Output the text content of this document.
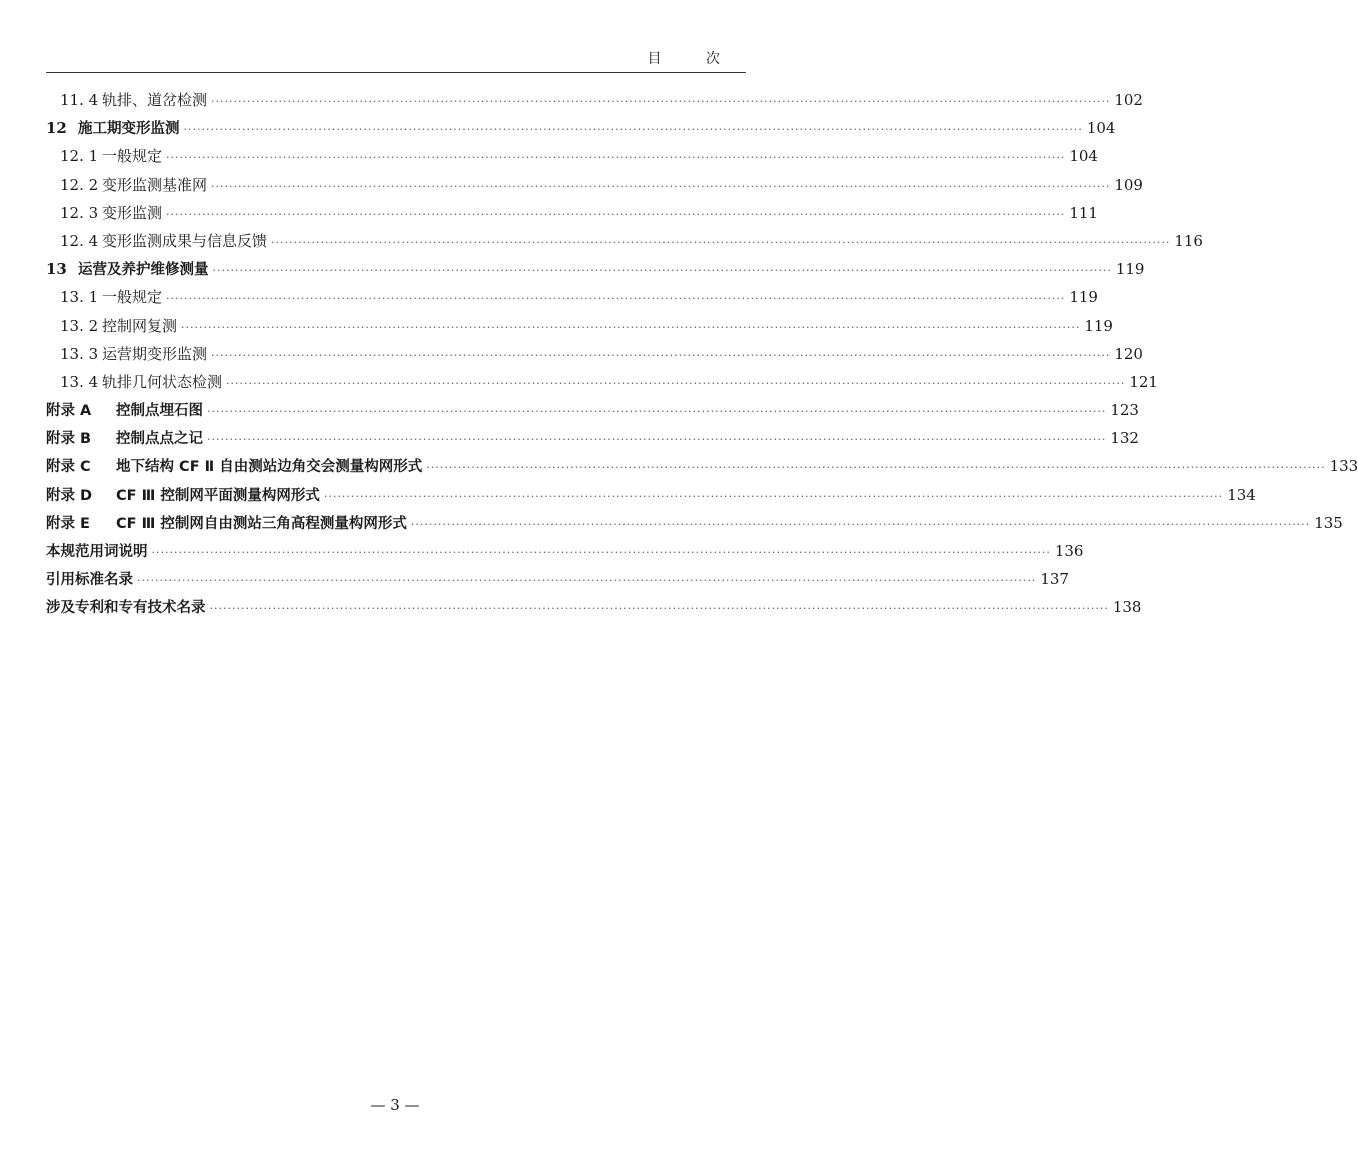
目 次
11. 4 轨排、道岔检测 ········································································································································································································ 102
12 施工期变形监测 ········································································································································································································ 104
12. 1 一般规定 ········································································································································································································ 104
12. 2 变形监测基准网 ········································································································································································································ 109
12. 3 变形监测 ········································································································································································································ 111
12. 4 变形监测成果与信息反馈 ········································································································································································································ 116
13 运营及养护维修测量 ········································································································································································································ 119
13. 1 一般规定 ········································································································································································································ 119
13. 2 控制网复测 ········································································································································································································ 119
13. 3 运营期变形监测 ········································································································································································································ 120
13. 4 轨排几何状态检测 ········································································································································································································ 121
附录 A	控制点埋石图 ········································································································································································································ 123
附录 B	控制点点之记 ········································································································································································································ 132
附录 C	地下结构 CF Ⅱ 自由测站边角交会测量构网形式 ········································································································································································································ 133
附录 D	CF Ⅲ 控制网平面测量构网形式 ········································································································································································································ 134
附录 E	CF Ⅲ 控制网自由测站三角高程测量构网形式 ········································································································································································································ 135
本规范用词说明 ········································································································································································································ 136
引用标准名录 ········································································································································································································ 137
涉及专利和专有技术名录 ········································································································································································································ 138
— 3 —
